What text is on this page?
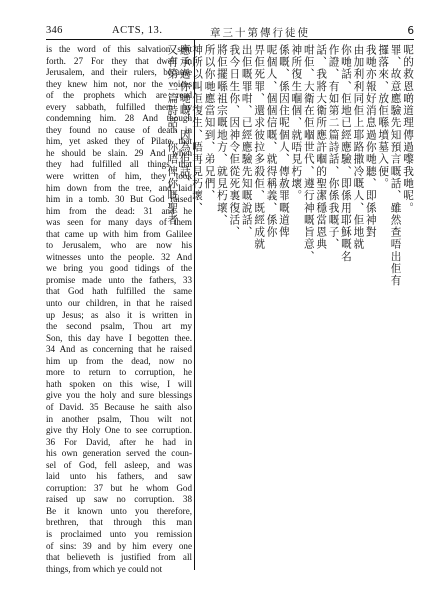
346	ACTS, 13.	章三十第傳行徒使	6
is the word of this salvation sent
forth. 27 For they that dwell in
Jerusalem, and their rulers, because
they knew him not, nor the voices
of the prophets which are read
every sabbath, fulfilled them by
condemning him. 28 And though
they found no cause of death in
him, yet asked they of Pilate that
he should be slain. 29 And when
they had fulfilled all things that
were written of him, they took
him down from the tree, and laid
him in a tomb. 30 But God raised
him from the dead: 31 and he
was seen for many days of them
that came up with him from Galilee
to Jerusalem, who are now his
witnesses unto the people. 32 And
we bring you good tidings of the
promise made unto the fathers, 33
that God hath fulfilled the same
unto our children, in that he raised
up Jesus; as also it is written in
the second psalm, Thou art my
Son, this day have I begotten thee.
34 And as concerning that he raised
him up from the dead, now no
more to return to corruption, he
hath spoken on this wise, I will
give you the holy and sure blessings
of David. 35 Because he saith also
in another psalm, Thou wilt not
give thy Holy One to see corruption.
36 For David, after he had in
his own generation served the coun-
sel of God, fell asleep, and was
laid unto his fathers, and saw
corruption: 37 but he whom God
raised up saw no corruption. 38
Be it known unto you therefore,
brethren, that through this man
is proclaimed unto you remission
of sins: 39 and by him every one
that believeth is justified from all
things, from which ye could not
呢的救恩啲道理傳過嚟我哋呢。
罪、故意應驗先知預言嘅話、雖然查唔出佢有
攞落來、放佢喺墳墓入便。
我哋亦報好消息過你哋聽、即係神對
由加利利同佢上耶路撒冷嘅人、佢地就
你哋話、佢地已經應驗、即係用耶穌嘅名
作證、有如第二篇詩話、你係我嘅子、
話、我將大衛所應許嗰的聖潔穩當恩典
咁佢、大衛在佢嗰世代、遵行神嘅旨意、
神所復生嗰個、就唔見朽壞。
係嘅、係因住呢個人、傳赦罪嘅道俾
呢個人、個個信嘅、就得稱義、係你
畀佢死罪、還求彼拉多殺佢、既經成就
出佢嘅罪咁、已經應驗先知嘅說話、
我今日生你、因神令佢從死裏復活、
將佢擺喺祖宗嘅地方、就見朽壞、
所以你哋應當知到、弟兄們、
神所以叫佢復生、唔再見朽壞、
應承過你哋嘅、因為佢話、
又有第二篇詩話、你唔俾你嘅聖者
